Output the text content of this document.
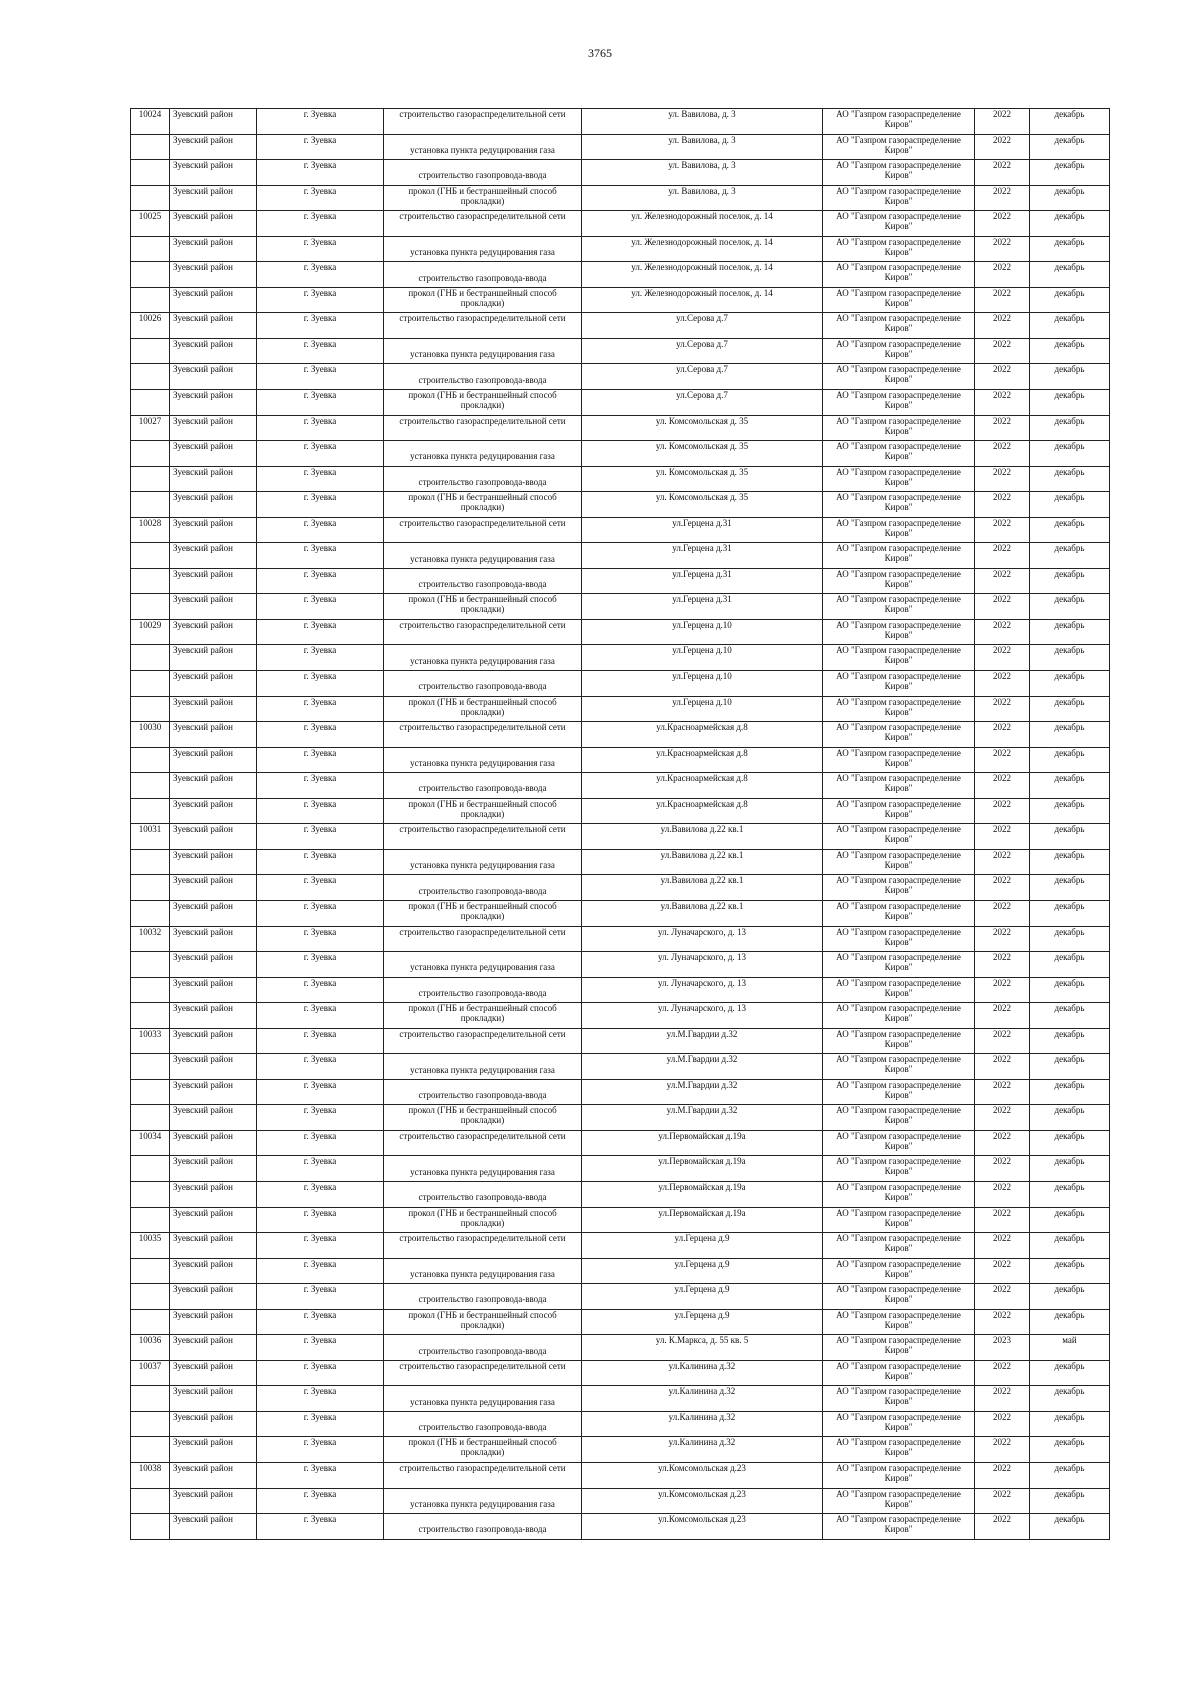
3765
10024	Зуевский район	г. Зуевка	строительство газораспределительной сети	ул. Вавилова, д. 3	АО "Газпром газораспределение Киров"	2022	декабрь
	Зуевский район	г. Зуевка	установка пункта редуцирования газа	ул. Вавилова, д. 3	АО "Газпром газораспределение Киров"	2022	декабрь
	Зуевский район	г. Зуевка	строительство газопровода-ввода	ул. Вавилова, д. 3	АО "Газпром газораспределение Киров"	2022	декабрь
	Зуевский район	г. Зуевка	прокол (ГНБ и бестраншейный способ прокладки)	ул. Вавилова, д. 3	АО "Газпром газораспределение Киров"	2022	декабрь
10025	Зуевский район	г. Зуевка	строительство газораспределительной сети	ул. Железнодорожный поселок, д. 14	АО "Газпром газораспределение Киров"	2022	декабрь
	Зуевский район	г. Зуевка	установка пункта редуцирования газа	ул. Железнодорожный поселок, д. 14	АО "Газпром газораспределение Киров"	2022	декабрь
	Зуевский район	г. Зуевка	строительство газопровода-ввода	ул. Железнодорожный поселок, д. 14	АО "Газпром газораспределение Киров"	2022	декабрь
	Зуевский район	г. Зуевка	прокол (ГНБ и бестраншейный способ прокладки)	ул. Железнодорожный поселок, д. 14	АО "Газпром газораспределение Киров"	2022	декабрь
10026	Зуевский район	г. Зуевка	строительство газораспределительной сети	ул.Серова д.7	АО "Газпром газораспределение Киров"	2022	декабрь
	Зуевский район	г. Зуевка	установка пункта редуцирования газа	ул.Серова д.7	АО "Газпром газораспределение Киров"	2022	декабрь
	Зуевский район	г. Зуевка	строительство газопровода-ввода	ул.Серова д.7	АО "Газпром газораспределение Киров"	2022	декабрь
	Зуевский район	г. Зуевка	прокол (ГНБ и бестраншейный способ прокладки)	ул.Серова д.7	АО "Газпром газораспределение Киров"	2022	декабрь
10027	Зуевский район	г. Зуевка	строительство газораспределительной сети	ул. Комсомольская д. 35	АО "Газпром газораспределение Киров"	2022	декабрь
	Зуевский район	г. Зуевка	установка пункта редуцирования газа	ул. Комсомольская д. 35	АО "Газпром газораспределение Киров"	2022	декабрь
	Зуевский район	г. Зуевка	строительство газопровода-ввода	ул. Комсомольская д. 35	АО "Газпром газораспределение Киров"	2022	декабрь
	Зуевский район	г. Зуевка	прокол (ГНБ и бестраншейный способ прокладки)	ул. Комсомольская д. 35	АО "Газпром газораспределение Киров"	2022	декабрь
10028	Зуевский район	г. Зуевка	строительство газораспределительной сети	ул.Герцена д.31	АО "Газпром газораспределение Киров"	2022	декабрь
	Зуевский район	г. Зуевка	установка пункта редуцирования газа	ул.Герцена д.31	АО "Газпром газораспределение Киров"	2022	декабрь
	Зуевский район	г. Зуевка	строительство газопровода-ввода	ул.Герцена д.31	АО "Газпром газораспределение Киров"	2022	декабрь
	Зуевский район	г. Зуевка	прокол (ГНБ и бестраншейный способ прокладки)	ул.Герцена д.31	АО "Газпром газораспределение Киров"	2022	декабрь
10029	Зуевский район	г. Зуевка	строительство газораспределительной сети	ул.Герцена д.10	АО "Газпром газораспределение Киров"	2022	декабрь
	Зуевский район	г. Зуевка	установка пункта редуцирования газа	ул.Герцена д.10	АО "Газпром газораспределение Киров"	2022	декабрь
	Зуевский район	г. Зуевка	строительство газопровода-ввода	ул.Герцена д.10	АО "Газпром газораспределение Киров"	2022	декабрь
	Зуевский район	г. Зуевка	прокол (ГНБ и бестраншейный способ прокладки)	ул.Герцена д.10	АО "Газпром газораспределение Киров"	2022	декабрь
10030	Зуевский район	г. Зуевка	строительство газораспределительной сети	ул.Красноармейская д.8	АО "Газпром газораспределение Киров"	2022	декабрь
	Зуевский район	г. Зуевка	установка пункта редуцирования газа	ул.Красноармейская д.8	АО "Газпром газораспределение Киров"	2022	декабрь
	Зуевский район	г. Зуевка	строительство газопровода-ввода	ул.Красноармейская д.8	АО "Газпром газораспределение Киров"	2022	декабрь
	Зуевский район	г. Зуевка	прокол (ГНБ и бестраншейный способ прокладки)	ул.Красноармейская д.8	АО "Газпром газораспределение Киров"	2022	декабрь
10031	Зуевский район	г. Зуевка	строительство газораспределительной сети	ул.Вавилова д.22 кв.1	АО "Газпром газораспределение Киров"	2022	декабрь
	Зуевский район	г. Зуевка	установка пункта редуцирования газа	ул.Вавилова д.22 кв.1	АО "Газпром газораспределение Киров"	2022	декабрь
	Зуевский район	г. Зуевка	строительство газопровода-ввода	ул.Вавилова д.22 кв.1	АО "Газпром газораспределение Киров"	2022	декабрь
	Зуевский район	г. Зуевка	прокол (ГНБ и бестраншейный способ прокладки)	ул.Вавилова д.22 кв.1	АО "Газпром газораспределение Киров"	2022	декабрь
10032	Зуевский район	г. Зуевка	строительство газораспределительной сети	ул. Луначарского, д. 13	АО "Газпром газораспределение Киров"	2022	декабрь
	Зуевский район	г. Зуевка	установка пункта редуцирования газа	ул. Луначарского, д. 13	АО "Газпром газораспределение Киров"	2022	декабрь
	Зуевский район	г. Зуевка	строительство газопровода-ввода	ул. Луначарского, д. 13	АО "Газпром газораспределение Киров"	2022	декабрь
	Зуевский район	г. Зуевка	прокол (ГНБ и бестраншейный способ прокладки)	ул. Луначарского, д. 13	АО "Газпром газораспределение Киров"	2022	декабрь
10033	Зуевский район	г. Зуевка	строительство газораспределительной сети	ул.М.Гвардии д.32	АО "Газпром газораспределение Киров"	2022	декабрь
	Зуевский район	г. Зуевка	установка пункта редуцирования газа	ул.М.Гвардии д.32	АО "Газпром газораспределение Киров"	2022	декабрь
	Зуевский район	г. Зуевка	строительство газопровода-ввода	ул.М.Гвардии д.32	АО "Газпром газораспределение Киров"	2022	декабрь
	Зуевский район	г. Зуевка	прокол (ГНБ и бестраншейный способ прокладки)	ул.М.Гвардии д.32	АО "Газпром газораспределение Киров"	2022	декабрь
10034	Зуевский район	г. Зуевка	строительство газораспределительной сети	ул.Первомайская д.19а	АО "Газпром газораспределение Киров"	2022	декабрь
	Зуевский район	г. Зуевка	установка пункта редуцирования газа	ул.Первомайская д.19а	АО "Газпром газораспределение Киров"	2022	декабрь
	Зуевский район	г. Зуевка	строительство газопровода-ввода	ул.Первомайская д.19а	АО "Газпром газораспределение Киров"	2022	декабрь
	Зуевский район	г. Зуевка	прокол (ГНБ и бестраншейный способ прокладки)	ул.Первомайская д.19а	АО "Газпром газораспределение Киров"	2022	декабрь
10035	Зуевский район	г. Зуевка	строительство газораспределительной сети	ул.Герцена д.9	АО "Газпром газораспределение Киров"	2022	декабрь
	Зуевский район	г. Зуевка	установка пункта редуцирования газа	ул.Герцена д.9	АО "Газпром газораспределение Киров"	2022	декабрь
	Зуевский район	г. Зуевка	строительство газопровода-ввода	ул.Герцена д.9	АО "Газпром газораспределение Киров"	2022	декабрь
	Зуевский район	г. Зуевка	прокол (ГНБ и бестраншейный способ прокладки)	ул.Герцена д.9	АО "Газпром газораспределение Киров"	2022	декабрь
10036	Зуевский район	г. Зуевка	строительство газопровода-ввода	ул. К.Маркса, д. 55 кв. 5	АО "Газпром газораспределение Киров"	2023	май
10037	Зуевский район	г. Зуевка	строительство газораспределительной сети	ул.Калинина д.32	АО "Газпром газораспределение Киров"	2022	декабрь
	Зуевский район	г. Зуевка	установка пункта редуцирования газа	ул.Калинина д.32	АО "Газпром газораспределение Киров"	2022	декабрь
	Зуевский район	г. Зуевка	строительство газопровода-ввода	ул.Калинина д.32	АО "Газпром газораспределение Киров"	2022	декабрь
	Зуевский район	г. Зуевка	прокол (ГНБ и бестраншейный способ прокладки)	ул.Калинина д.32	АО "Газпром газораспределение Киров"	2022	декабрь
10038	Зуевский район	г. Зуевка	строительство газораспределительной сети	ул.Комсомольская д.23	АО "Газпром газораспределение Киров"	2022	декабрь
	Зуевский район	г. Зуевка	установка пункта редуцирования газа	ул.Комсомольская д.23	АО "Газпром газораспределение Киров"	2022	декабрь
	Зуевский район	г. Зуевка	строительство газопровода-ввода	ул.Комсомольская д.23	АО "Газпром газораспределение Киров"	2022	декабрь
